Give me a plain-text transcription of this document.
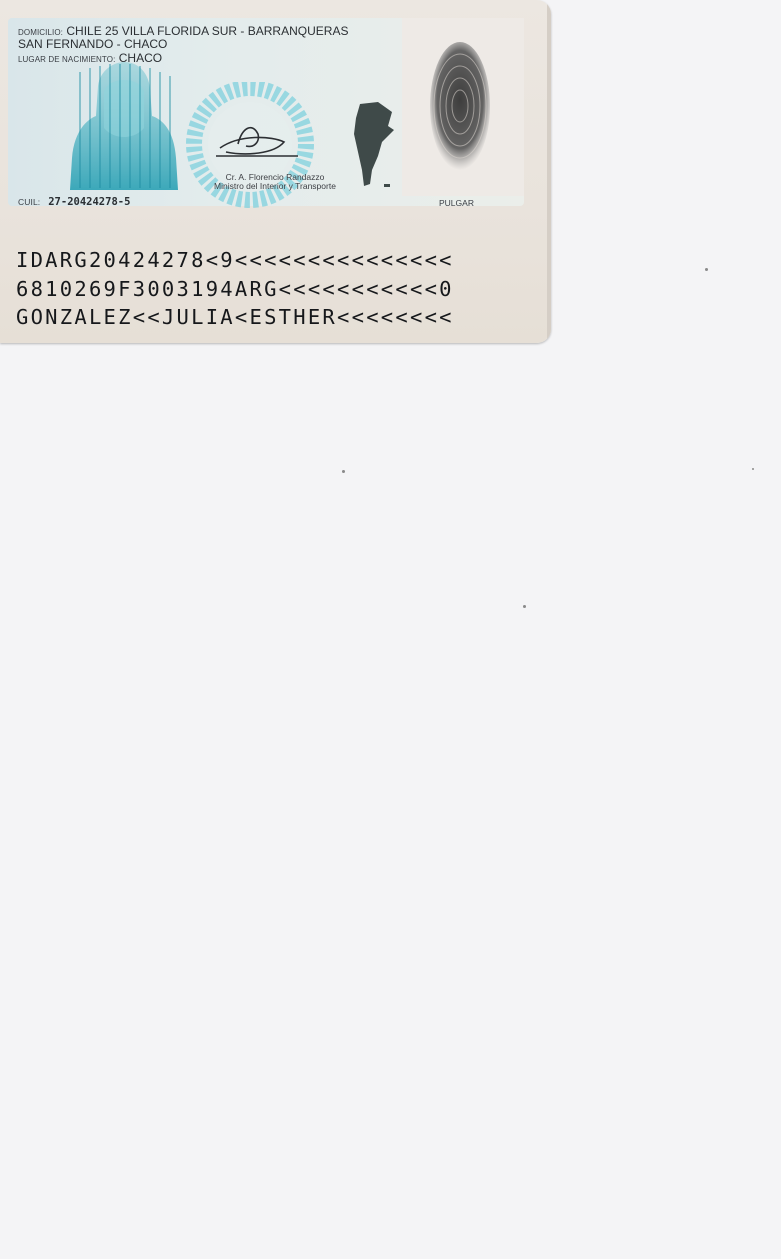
DOMICILIO: CHILE 25 VILLA FLORIDA SUR - BARRANQUERAS
SAN FERNANDO - CHACO
LUGAR DE NACIMIENTO: CHACO
Cr. A. Florencio Randazzo
Ministro del Interior y Transporte
CUIL: 27-20424278-5	PULGAR
IDARG20424278<9<<<<<<<<<<<<<<<
6810269F3003194ARG<<<<<<<<<<<0
GONZALEZ<<JULIA<ESTHER<<<<<<<<
